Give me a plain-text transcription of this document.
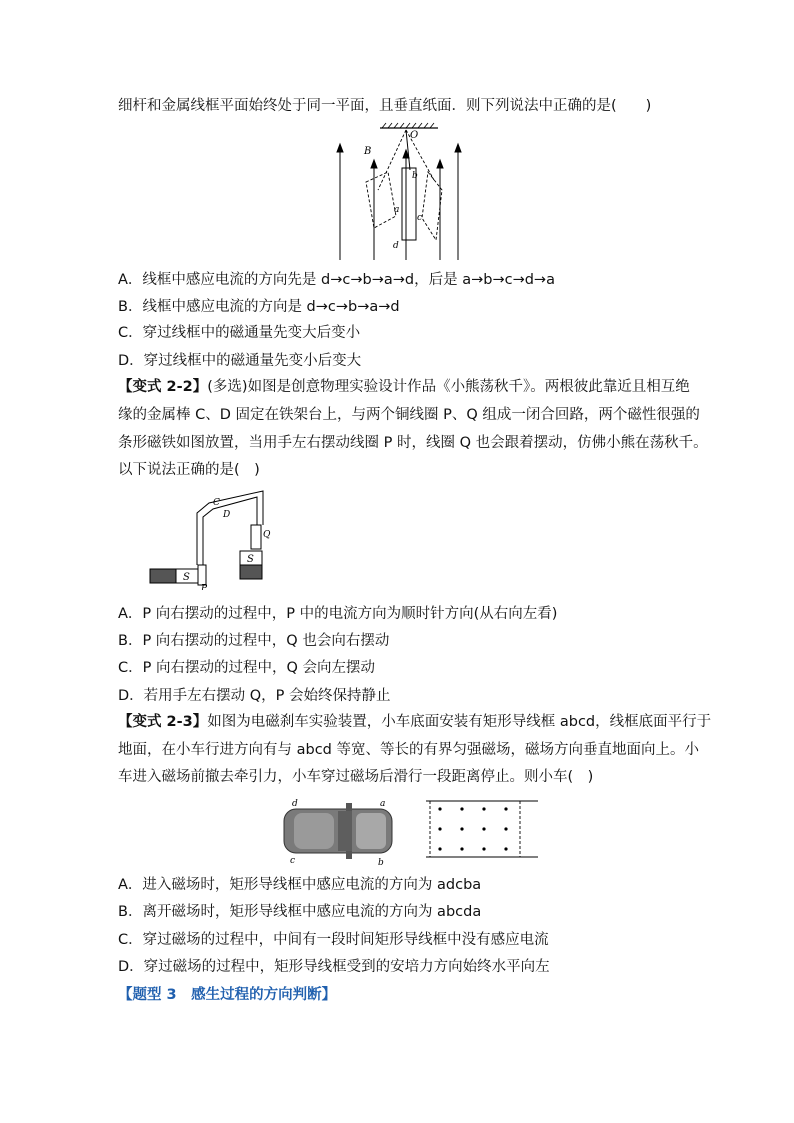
细杆和金属线框平面始终处于同一平面，且垂直纸面．则下列说法中正确的是(　　)
O
B
a
b
c
d
A．线框中感应电流的方向先是 d→c→b→a→d，后是 a→b→c→d→a
B．线框中感应电流的方向是 d→c→b→a→d
C．穿过线框中的磁通量先变大后变小
D．穿过线框中的磁通量先变小后变大
【变式 2-2】(多选)如图是创意物理实验设计作品《小熊荡秋千》。两根彼此靠近且相互绝
缘的金属棒 C、D 固定在铁架台上，与两个铜线圈 P、Q 组成一闭合回路，两个磁性很强的
条形磁铁如图放置，当用手左右摆动线圈 P 时，线圈 Q 也会跟着摆动，仿佛小熊在荡秋千。
以下说法正确的是(　)
C
D
Q
S
S
P
A．P 向右摆动的过程中，P 中的电流方向为顺时针方向(从右向左看)
B．P 向右摆动的过程中，Q 也会向右摆动
C．P 向右摆动的过程中，Q 会向左摆动
D．若用手左右摆动 Q，P 会始终保持静止
【变式 2-3】如图为电磁刹车实验装置，小车底面安装有矩形导线框 abcd，线框底面平行于
地面，在小车行进方向有与 abcd 等宽、等长的有界匀强磁场，磁场方向垂直地面向上。小
车进入磁场前撤去牵引力，小车穿过磁场后滑行一段距离停止。则小车(　)
d	a
c	b
A．进入磁场时，矩形导线框中感应电流的方向为 adcba
B．离开磁场时，矩形导线框中感应电流的方向为 abcda
C．穿过磁场的过程中，中间有一段时间矩形导线框中没有感应电流
D．穿过磁场的过程中，矩形导线框受到的安培力方向始终水平向左
【题型 3　感生过程的方向判断】
